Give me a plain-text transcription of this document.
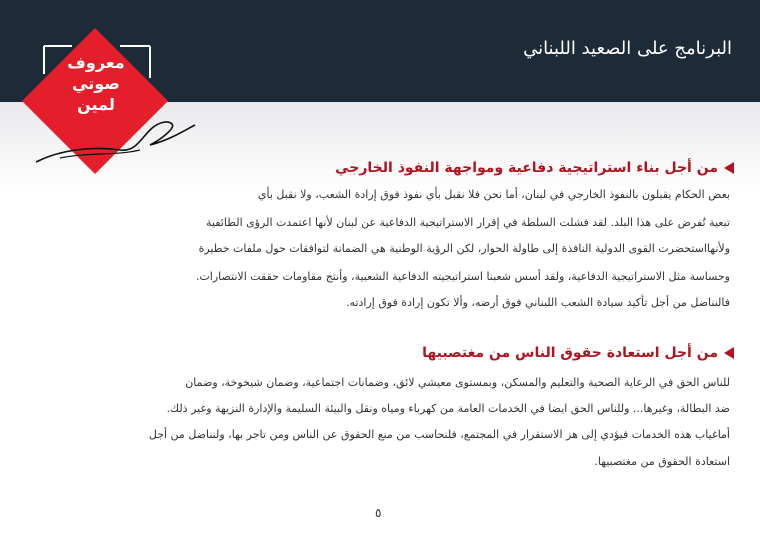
البرنامج على الصعيد اللبناني
معروف
صوتي
لمين
من أجل بناء استراتيجية دفاعية ومواجهة النفوذ الخارجي
بعض الحكام يقبلون بالنفوذ الخارجي في لبنان، أما نحن فلا نقبل بأي نفوذ فوق إرادة الشعب، ولا نقبل بأي
تبعية تُفرض على هذا البلد. لقد فشلت السلطة في إقرار الاستراتيجية الدفاعية عن لبنان لأنها اعتمدت الرؤى الطائفية
ولأنهااستحضرت القوى الدولية النافذة إلى طاولة الحوار، لكن الرؤية الوطنية هي الضمانة لتوافقات حول ملفات خطيرة
وحساسة مثل الاستراتيجية الدفاعية، ولقد أسس شعبنا استراتيجيته الدفاعية الشعبية، وأنتج مقاومات حققت الانتصارات.
فالنناضل من أجل تأكيد سيادة الشعب اللبناني فوق أرضه، وألا تكون إرادة فوق إرادته.
من أجل استعادة حقوق الناس من مغتصبيها
للناس الحق في الرعاية الصحية والتعليم والمسكن، وبمستوى معيشي لائق، وضمانات اجتماعية، وضمان شيخوخة، وضمان
ضد البطالة، وغيرها... وللناس الحق ايضا في الخدمات العامة من كهرباء ومياه ونقل والبيئة السليمة والإدارة النزيهة وغير ذلك.
أماغياب هذه الخدمات فيؤدي إلى هز الاستقرار في المجتمع، فلنحاسب من منع الحقوق عن الناس ومن تاجر بها، ولنناضل من أجل
استعادة الحقوق من مغتصبيها.
٥
